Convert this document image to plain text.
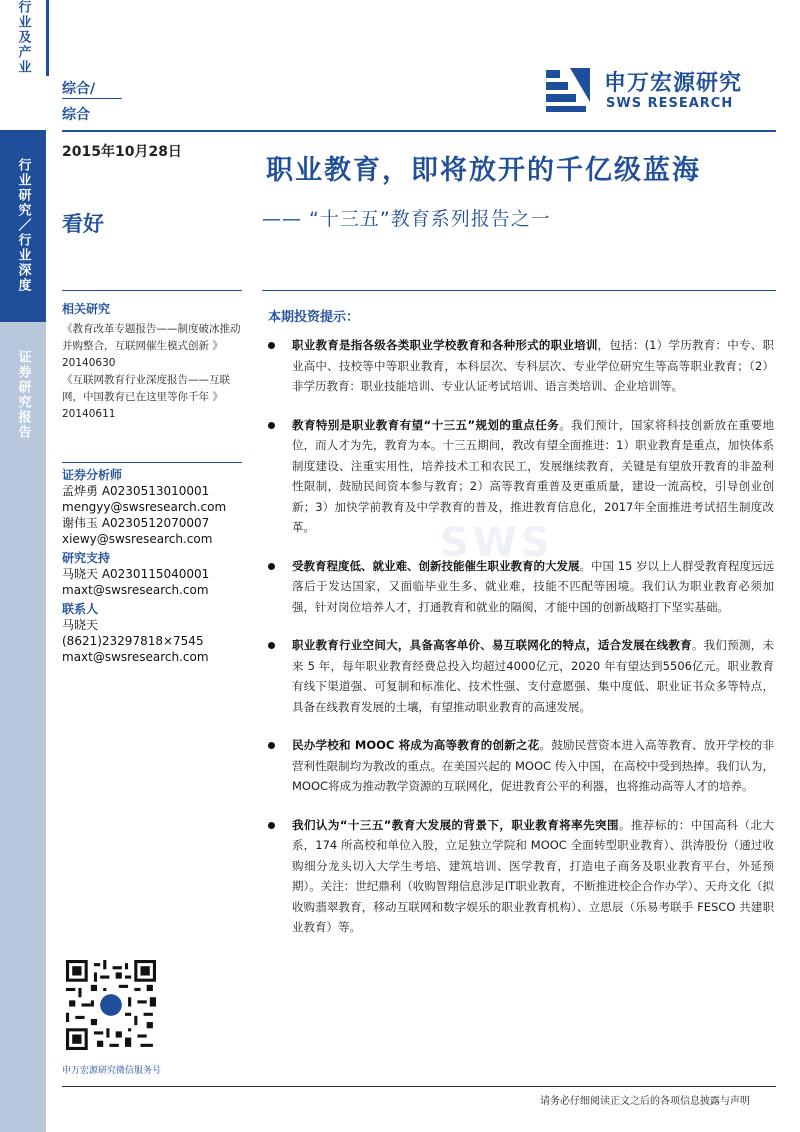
行业及产业
行业研究／行业深度
证券研究报告
综合/
综合
申万宏源研究
SWS RESEARCH
2015年10月28日
看好
职业教育，即将放开的千亿级蓝海
—— “十三五”教育系列报告之一
相关研究
《教育改革专题报告——制度破冰推动
并购整合，互联网催生模式创新 》
20140630
《互联网教育行业深度报告——互联
网，中国教育已在这里等你千年 》
20140611
证券分析师
孟烨勇 A0230513010001
mengyy@swsresearch.com
谢伟玉 A0230512070007
xiewy@swsresearch.com
研究支持
马晓天 A0230115040001
maxt@swsresearch.com
联系人
马晓天
(8621)23297818×7545
maxt@swsresearch.com
SWS
本期投资提示：
职业教育是指各级各类职业学校教育和各种形式的职业培训，包括：(1）学历教育：中专、职业高中、技校等中等职业教育，本科层次、专科层次、专业学位研究生等高等职业教育；（2）非学历教育：职业技能培训、专业认证考试培训、语言类培训、企业培训等。
教育特别是职业教育有望“十三五”规划的重点任务。我们预计，国家将科技创新放在重要地位，而人才为先，教育为本。十三五期间，教改有望全面推进：1）职业教育是重点，加快体系制度建设、注重实用性，培养技术工和农民工，发展继续教育，关键是有望放开教育的非盈利性限制，鼓励民间资本参与教育；2）高等教育重普及更重质量，建设一流高校，引导创业创新；3）加快学前教育及中学教育的普及，推进教育信息化，2017年全面推进考试招生制度改革。
受教育程度低、就业难、创新技能催生职业教育的大发展。中国 15 岁以上人群受教育程度远远落后于发达国家，又面临毕业生多、就业难，技能不匹配等困境。我们认为职业教育必须加强，针对岗位培养人才，打通教育和就业的隔阂，才能中国的创新战略打下坚实基础。
职业教育行业空间大，具备高客单价、易互联网化的特点，适合发展在线教育。我们预测，未来 5 年，每年职业教育经费总投入均超过4000亿元，2020 年有望达到5506亿元。职业教育有线下渠道强、可复制和标准化、技术性强、支付意愿强、集中度低、职业证书众多等特点，具备在线教育发展的土壤，有望推动职业教育的高速发展。
民办学校和 MOOC 将成为高等教育的创新之花。鼓励民营资本进入高等教育、放开学校的非营利性限制均为教改的重点。在美国兴起的 MOOC 传入中国，在高校中受到热捧。我们认为，MOOC将成为推动教学资源的互联网化，促进教育公平的利器，也将推动高等人才的培养。
我们认为“十三五”教育大发展的背景下，职业教育将率先突围。推荐标的：中国高科（北大系，174 所高校和单位入股，立足独立学院和 MOOC 全面转型职业教育）、洪涛股份（通过收购细分龙头切入大学生考培、建筑培训、医学教育，打造电子商务及职业教育平台，外延预期）。关注：世纪鼎利（收购智翔信息涉足IT职业教育，不断推进校企合作办学）、天舟文化（拟收购翡翠教育，移动互联网和数字娱乐的职业教育机构）、立思辰（乐易考联手 FESCO 共建职业教育）等。
申万宏源研究微信服务号
请务必仔细阅读正文之后的各项信息披露与声明
